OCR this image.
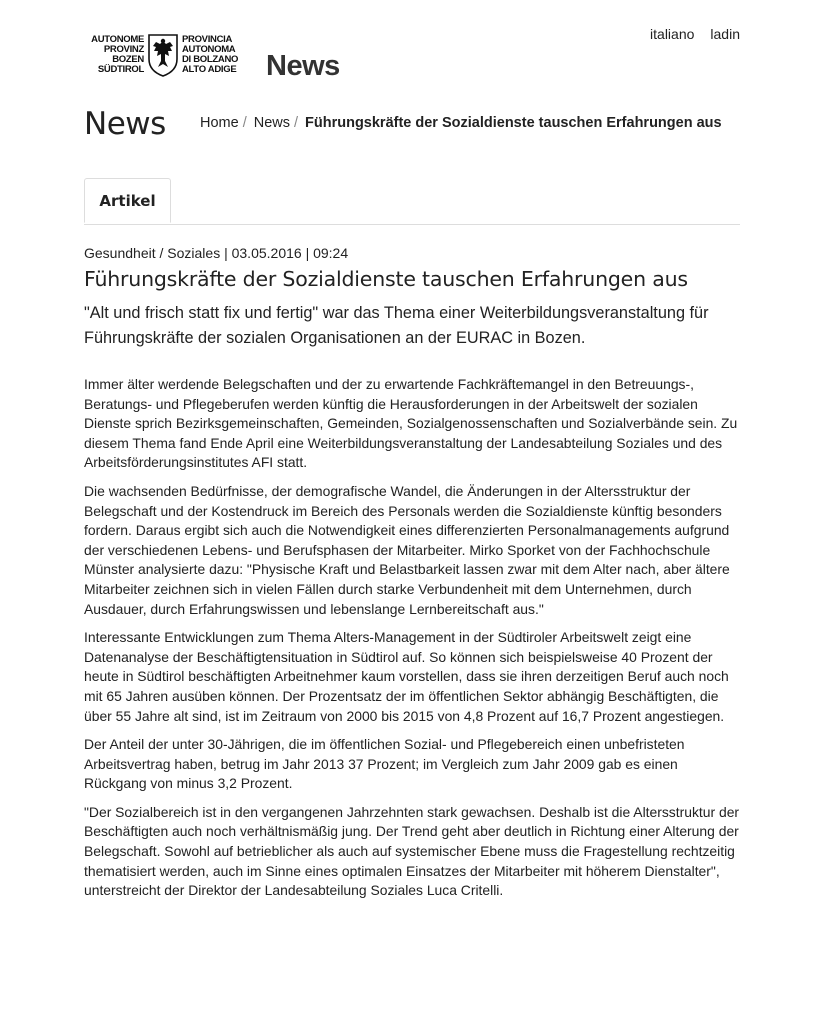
AUTONOME
PROVINZ
BOZEN
SÜDTIROL
PROVINCIA
AUTONOMA
DI BOLZANO
ALTO ADIGE	News
italiano ladin
News Home / News / Führungskräfte der Sozialdienste tauschen Erfahrungen aus
Artikel
Gesundheit / Soziales | 03.05.2016 | 09:24
Führungskräfte der Sozialdienste tauschen Erfahrungen aus

"Alt und frisch statt fix und fertig" war das Thema einer Weiterbildungsveranstaltung für Führungskräfte der sozialen Organisationen an der EURAC in Bozen.

Immer älter werdende Belegschaften und der zu erwartende Fachkräftemangel in den Betreuungs-, Beratungs- und Pflegeberufen werden künftig die Herausforderungen in der Arbeitswelt der sozialen Dienste sprich Bezirksgemeinschaften, Gemeinden, Sozialgenossenschaften und Sozialverbände sein. Zu diesem Thema fand Ende April eine Weiterbildungsveranstaltung der Landesabteilung Soziales und des Arbeitsförderungsinstitutes AFI statt.

Die wachsenden Bedürfnisse, der demografische Wandel, die Änderungen in der Altersstruktur der Belegschaft und der Kostendruck im Bereich des Personals werden die Sozialdienste künftig besonders fordern. Daraus ergibt sich auch die Notwendigkeit eines differenzierten Personalmanagements aufgrund der verschiedenen Lebens- und Berufsphasen der Mitarbeiter. Mirko Sporket von der Fachhochschule Münster analysierte dazu: "Physische Kraft und Belastbarkeit lassen zwar mit dem Alter nach, aber ältere Mitarbeiter zeichnen sich in vielen Fällen durch starke Verbundenheit mit dem Unternehmen, durch Ausdauer, durch Erfahrungswissen und lebenslange Lernbereitschaft aus."

Interessante Entwicklungen zum Thema Alters-Management in der Südtiroler Arbeitswelt zeigt eine Datenanalyse der Beschäftigtensituation in Südtirol auf. So können sich beispielsweise 40 Prozent der heute in Südtirol beschäftigten Arbeitnehmer kaum vorstellen, dass sie ihren derzeitigen Beruf auch noch mit 65 Jahren ausüben können. Der Prozentsatz der im öffentlichen Sektor abhängig Beschäftigten, die über 55 Jahre alt sind, ist im Zeitraum von 2000 bis 2015 von 4,8 Prozent auf 16,7 Prozent angestiegen.

Der Anteil der unter 30-Jährigen, die im öffentlichen Sozial- und Pflegebereich einen unbefristeten Arbeitsvertrag haben, betrug im Jahr 2013 37 Prozent; im Vergleich zum Jahr 2009 gab es einen Rückgang von minus 3,2 Prozent.

"Der Sozialbereich ist in den vergangenen Jahrzehnten stark gewachsen. Deshalb ist die Altersstruktur der Beschäftigten auch noch verhältnismäßig jung. Der Trend geht aber deutlich in Richtung einer Alterung der Belegschaft. Sowohl auf betrieblicher als auch auf systemischer Ebene muss die Fragestellung rechtzeitig thematisiert werden, auch im Sinne eines optimalen Einsatzes der Mitarbeiter mit höherem Dienstalter", unterstreicht der Direktor der Landesabteilung Soziales Luca Critelli.
